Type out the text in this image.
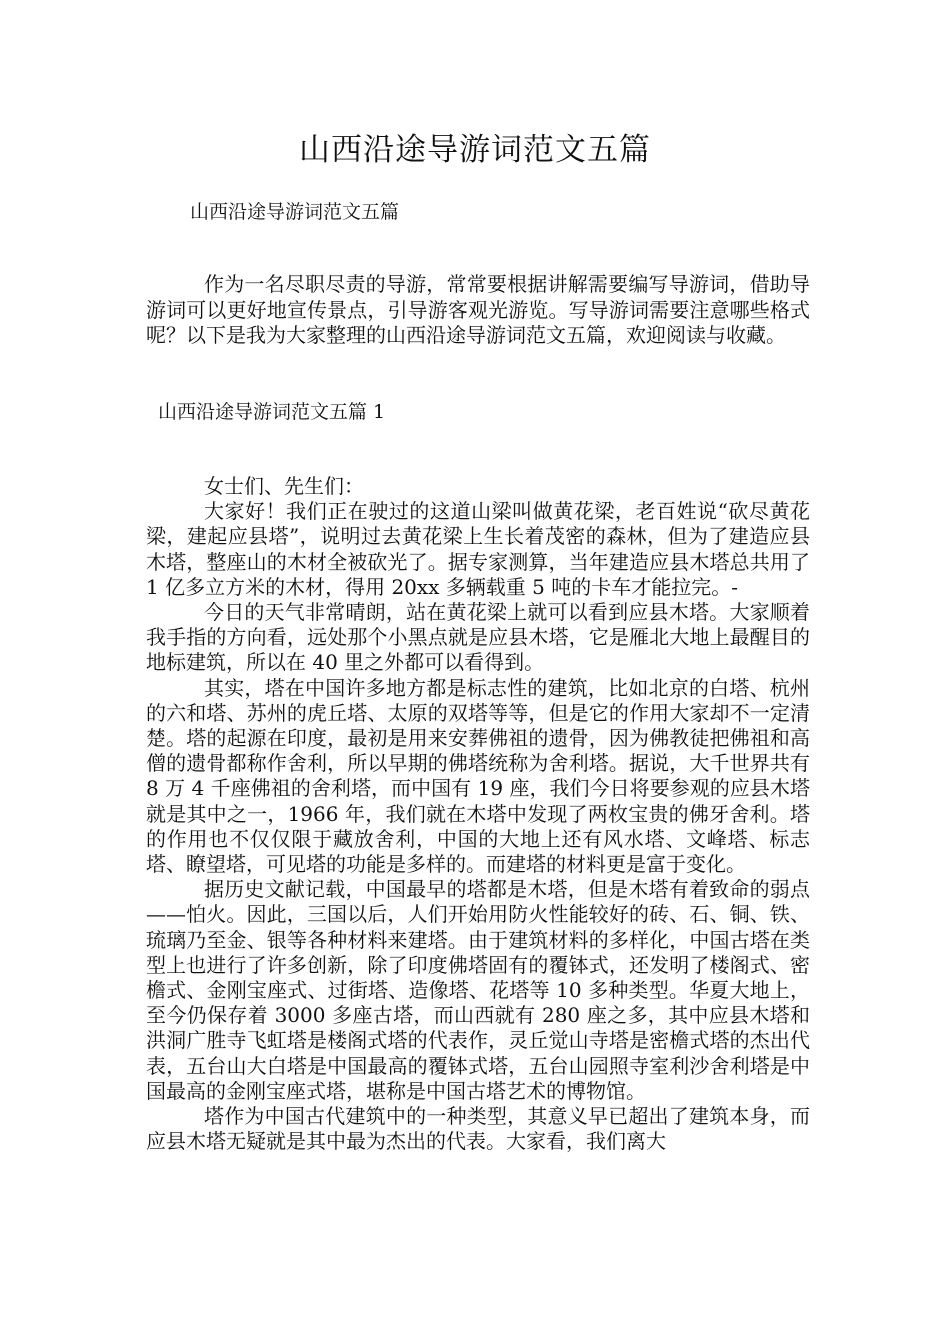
山西沿途导游词范文五篇
山西沿途导游词范文五篇

作为一名尽职尽责的导游，常常要根据讲解需要编写导游词，借助导游词可以更好地宣传景点，引导游客观光游览。写导游词需要注意哪些格式呢？以下是我为大家整理的山西沿途导游词范文五篇，欢迎阅读与收藏。

山西沿途导游词范文五篇 1

女士们、先生们：

大家好！我们正在驶过的这道山梁叫做黄花梁，老百姓说“砍尽黄花梁，建起应县塔”，说明过去黄花梁上生长着茂密的森林，但为了建造应县木塔，整座山的木材全被砍光了。据专家测算，当年建造应县木塔总共用了 1 亿多立方米的木材，得用 20xx 多辆载重 5 吨的卡车才能拉完。-

今日的天气非常晴朗，站在黄花梁上就可以看到应县木塔。大家顺着我手指的方向看，远处那个小黑点就是应县木塔，它是雁北大地上最醒目的地标建筑，所以在 40 里之外都可以看得到。

其实，塔在中国许多地方都是标志性的建筑，比如北京的白塔、杭州的六和塔、苏州的虎丘塔、太原的双塔等等，但是它的作用大家却不一定清楚。塔的起源在印度，最初是用来安葬佛祖的遗骨，因为佛教徒把佛祖和高僧的遗骨都称作舍利，所以早期的佛塔统称为舍利塔。据说，大千世界共有 8 万 4 千座佛祖的舍利塔，而中国有 19 座，我们今日将要参观的应县木塔就是其中之一，1966 年，我们就在木塔中发现了两枚宝贵的佛牙舍利。塔的作用也不仅仅限于藏放舍利，中国的大地上还有风水塔、文峰塔、标志塔、瞭望塔，可见塔的功能是多样的。而建塔的材料更是富于变化。

据历史文献记载，中国最早的塔都是木塔，但是木塔有着致命的弱点——怕火。因此，三国以后，人们开始用防火性能较好的砖、石、铜、铁、琉璃乃至金、银等各种材料来建塔。由于建筑材料的多样化，中国古塔在类型上也进行了许多创新，除了印度佛塔固有的覆钵式，还发明了楼阁式、密檐式、金刚宝座式、过街塔、造像塔、花塔等 10 多种类型。华夏大地上，至今仍保存着 3000 多座古塔，而山西就有 280 座之多，其中应县木塔和洪洞广胜寺飞虹塔是楼阁式塔的代表作，灵丘觉山寺塔是密檐式塔的杰出代表，五台山大白塔是中国最高的覆钵式塔，五台山园照寺室利沙舍利塔是中国最高的金刚宝座式塔，堪称是中国古塔艺术的博物馆。

塔作为中国古代建筑中的一种类型，其意义早已超出了建筑本身，而应县木塔无疑就是其中最为杰出的代表。大家看，我们离大
